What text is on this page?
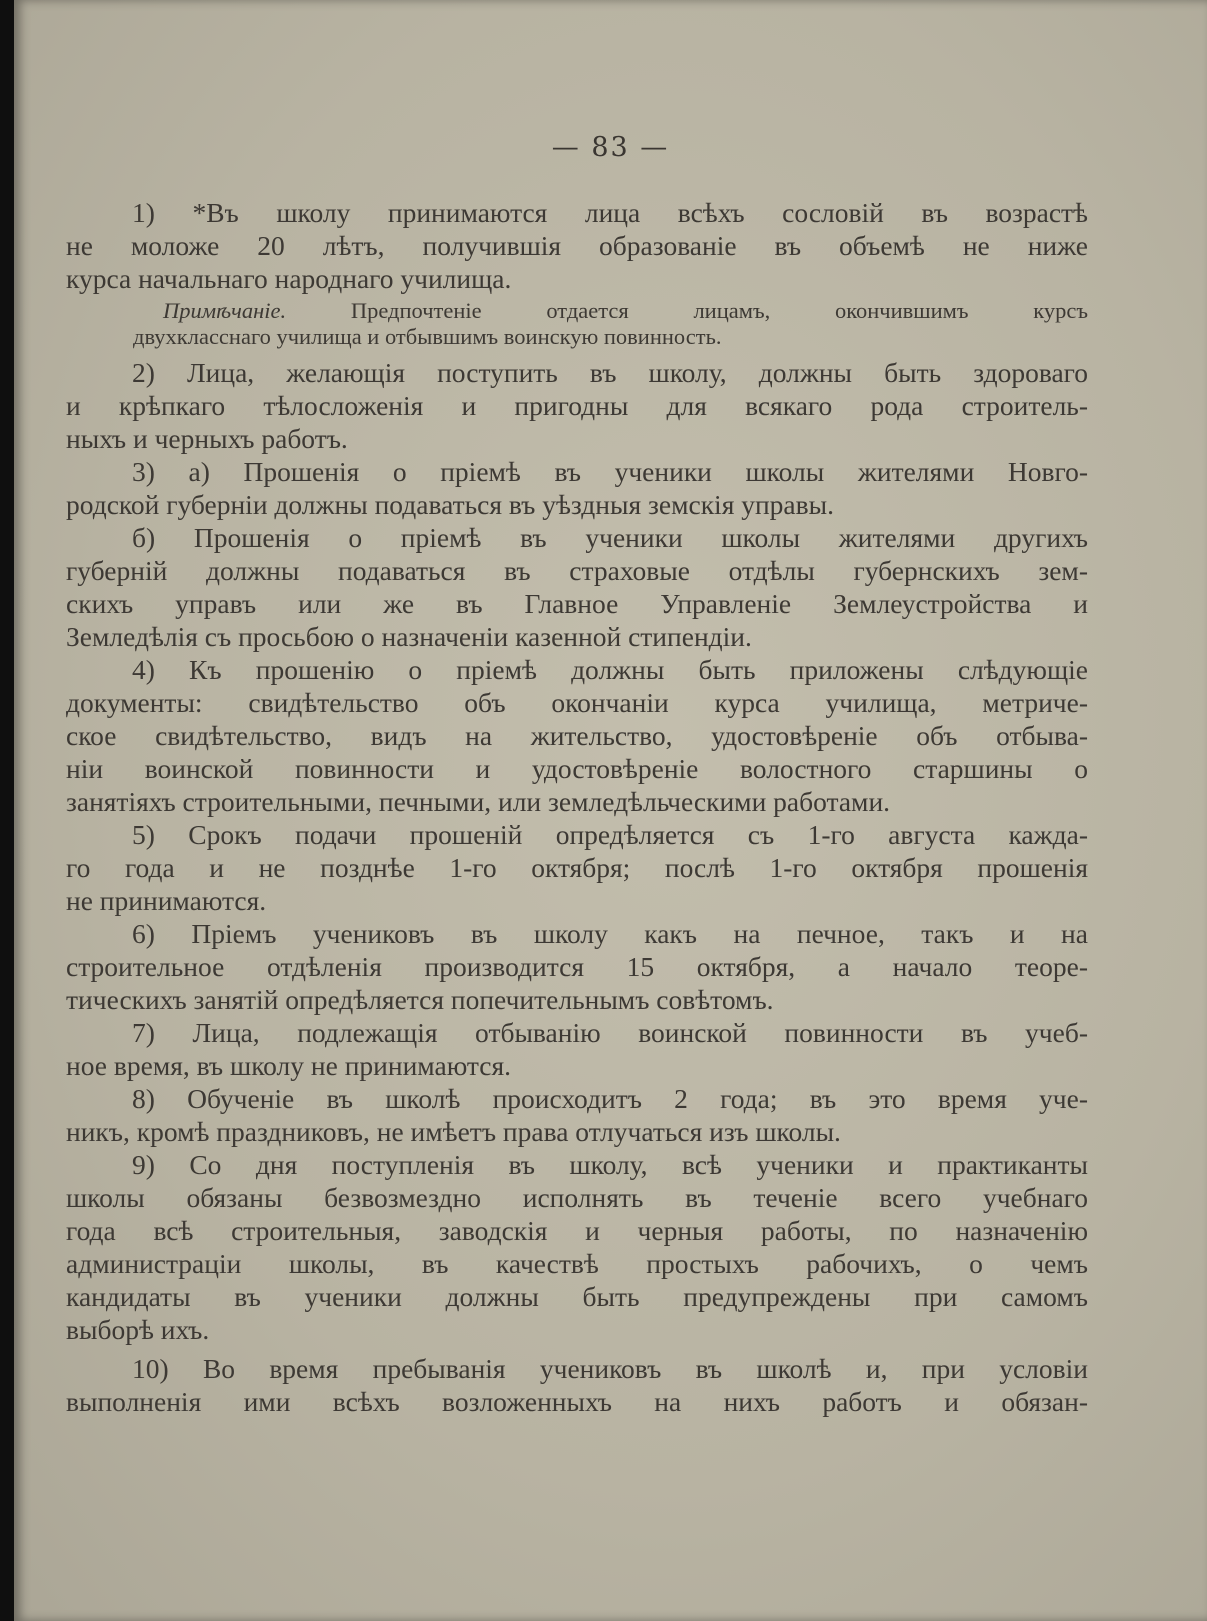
— 83 —
1) *Въ школу принимаются лица всѣхъ сословій въ возрастѣ
не моложе 20 лѣтъ, получившія образованіе въ объемѣ не ниже
курса начальнаго народнаго училища.
Примѣчаніе.	Предпочтеніе отдается лицамъ, окончившимъ курсъ
двухкласснаго училища и отбывшимъ воинскую повинность.
2) Лица, желающія поступить въ школу, должны быть здороваго
и крѣпкаго тѣлосложенія и пригодны для всякаго рода строитель-
ныхъ и черныхъ работъ.
3) а) Прошенія о пріемѣ въ ученики школы жителями Новго-
родской губерніи должны подаваться въ уѣздныя земскія управы.
б) Прошенія о пріемѣ въ ученики школы жителями другихъ
губерній должны подаваться въ страховые отдѣлы губернскихъ зем-
скихъ управъ или же въ Главное Управленіе Землеустройства и
Земледѣлія съ просьбою о назначеніи казенной стипендіи.
4) Къ прошенію о пріемѣ должны быть приложены слѣдующіе
документы: свидѣтельство объ окончаніи курса училища, метриче-
ское свидѣтельство, видъ на жительство, удостовѣреніе объ отбыва-
ніи воинской повинности и удостовѣреніе волостного старшины о
занятіяхъ строительными, печными, или земледѣльческими работами.
5) Срокъ подачи прошеній опредѣляется съ 1-го августа кажда-
го года и не позднѣе 1-го октября; послѣ 1-го октября прошенія
не принимаются.
6) Пріемъ учениковъ въ школу какъ на печное, такъ и на
строительное отдѣленія производится 15 октября, а начало теоре-
тическихъ занятій опредѣляется попечительнымъ совѣтомъ.
7) Лица, подлежащія отбыванію воинской повинности въ учеб-
ное время, въ школу не принимаются.
8) Обученіе въ школѣ происходитъ 2 года; въ это время уче-
никъ, кромѣ праздниковъ, не имѣетъ права отлучаться изъ школы.
9) Со дня поступленія въ школу, всѣ ученики и практиканты
школы обязаны безвозмездно исполнять въ теченіе всего учебнаго
года всѣ строительныя, заводскія и черныя работы, по назначенію
администраціи школы, въ качествѣ простыхъ рабочихъ, о чемъ
кандидаты въ ученики должны быть предупреждены при самомъ
выборѣ ихъ.
10) Во время пребыванія учениковъ въ школѣ и, при условіи
выполненія ими всѣхъ возложенныхъ на нихъ работъ и обязан-
